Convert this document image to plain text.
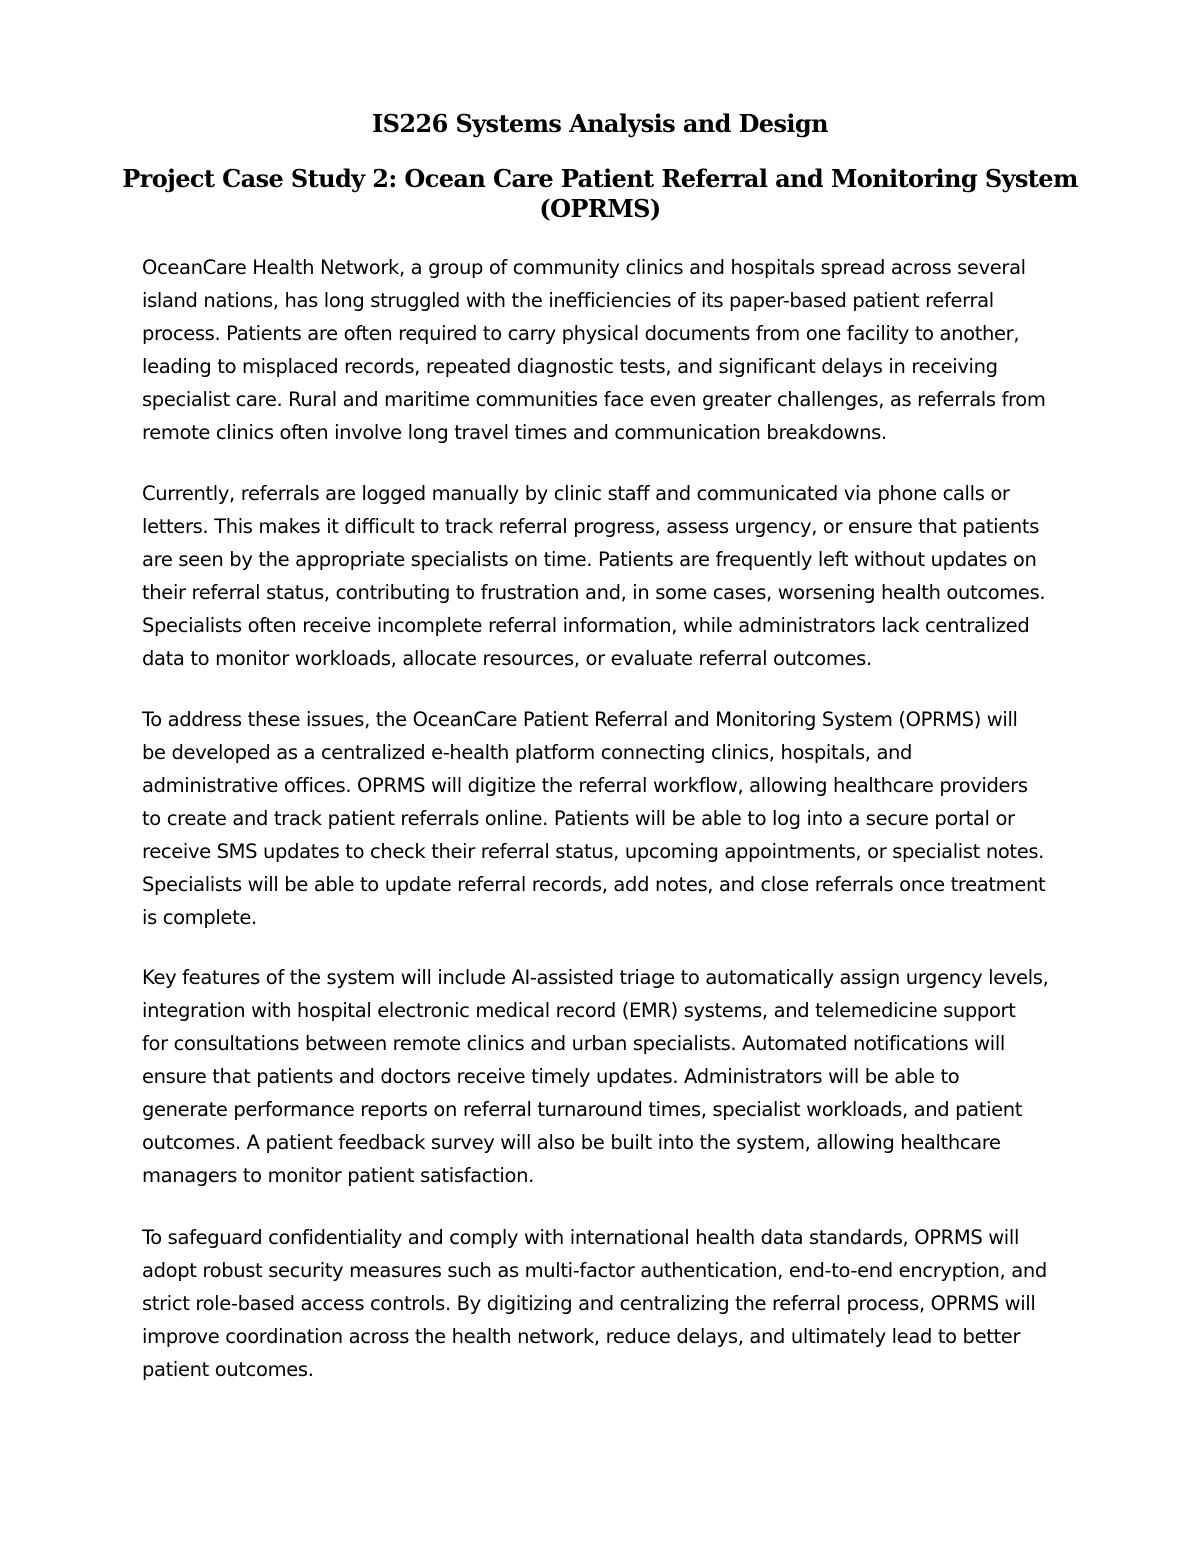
IS226 Systems Analysis and Design
Project Case Study 2: Ocean Care Patient Referral and Monitoring System
(OPRMS)

OceanCare Health Network, a group of community clinics and hospitals spread across several
island nations, has long struggled with the inefficiencies of its paper-based patient referral
process. Patients are often required to carry physical documents from one facility to another,
leading to misplaced records, repeated diagnostic tests, and significant delays in receiving
specialist care. Rural and maritime communities face even greater challenges, as referrals from
remote clinics often involve long travel times and communication breakdowns.

Currently, referrals are logged manually by clinic staff and communicated via phone calls or
letters. This makes it difficult to track referral progress, assess urgency, or ensure that patients
are seen by the appropriate specialists on time. Patients are frequently left without updates on
their referral status, contributing to frustration and, in some cases, worsening health outcomes.
Specialists often receive incomplete referral information, while administrators lack centralized
data to monitor workloads, allocate resources, or evaluate referral outcomes.

To address these issues, the OceanCare Patient Referral and Monitoring System (OPRMS) will
be developed as a centralized e-health platform connecting clinics, hospitals, and
administrative offices. OPRMS will digitize the referral workflow, allowing healthcare providers
to create and track patient referrals online. Patients will be able to log into a secure portal or
receive SMS updates to check their referral status, upcoming appointments, or specialist notes.
Specialists will be able to update referral records, add notes, and close referrals once treatment
is complete.

Key features of the system will include AI-assisted triage to automatically assign urgency levels,
integration with hospital electronic medical record (EMR) systems, and telemedicine support
for consultations between remote clinics and urban specialists. Automated notifications will
ensure that patients and doctors receive timely updates. Administrators will be able to
generate performance reports on referral turnaround times, specialist workloads, and patient
outcomes. A patient feedback survey will also be built into the system, allowing healthcare
managers to monitor patient satisfaction.

To safeguard confidentiality and comply with international health data standards, OPRMS will
adopt robust security measures such as multi-factor authentication, end-to-end encryption, and
strict role-based access controls. By digitizing and centralizing the referral process, OPRMS will
improve coordination across the health network, reduce delays, and ultimately lead to better
patient outcomes.
